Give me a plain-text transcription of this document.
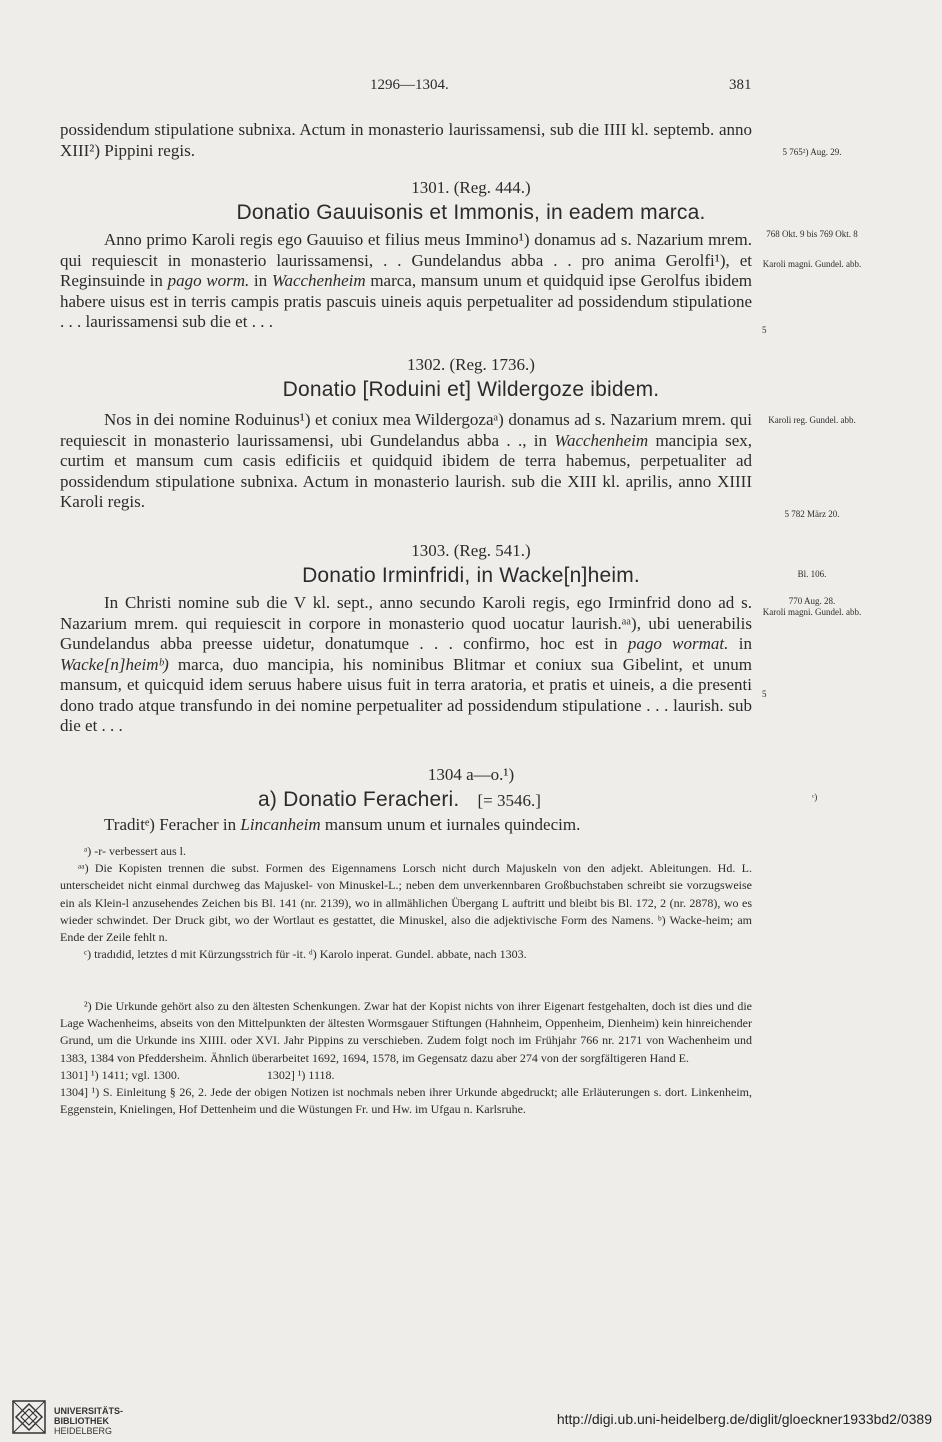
1296—1304.	381

possidendum stipulatione subnixa. Actum in monasterio laurissamensi, sub die IIII kl. septemb. anno XIII²) Pippini regis.	5 765²) Aug. 29.
1301. (Reg. 444.)
Donatio Gauuisonis et Immonis, in eadem marca.

Anno primo Karoli regis ego Gauuiso et filius meus Immino¹) donamus ad s. Nazarium mrem. qui requiescit in monasterio laurissamensi, . . Gundelandus abba . . pro anima Gerolfi¹), et Reginsuinde in pago worm. in Wacchenheim marca, mansum unum et quidquid ipse Gerolfus ibidem habere uisus est in terris campis pratis pascuis uineis aquis perpetualiter ad possidendum stipulatione . . . laurissamensi sub die et . . .

768 Okt. 9 bis 769 Okt. 8
Karoli magni. Gundel. abb.
5
1302. (Reg. 1736.)
Donatio [Roduini et] Wildergoze ibidem.

Nos in dei nomine Roduinus¹) et coniux mea Wildergozaᵃ) donamus ad s. Nazarium mrem. qui requiescit in monasterio laurissamensi, ubi Gundelandus abba . ., in Wacchenheim mancipia sex, curtim et mansum cum casis edificiis et quidquid ibidem de terra habemus, perpetualiter ad possidendum stipulatione subnixa. Actum in monasterio laurish. sub die XIII kl. aprilis, anno XIIII Karoli regis.

Karoli reg. Gundel. abb.
5 782 März 20.
1303. (Reg. 541.)
Donatio Irminfridi, in Wacke[n]heim.

In Christi nomine sub die V kl. sept., anno secundo Karoli regis, ego Irminfrid dono ad s. Nazarium mrem. qui requiescit in corpore in monasterio quod uocatur laurish.ᵃᵃ), ubi uenerabilis Gundelandus abba preesse uidetur, donatumque . . . confirmo, hoc est in pago wormat. in Wacke[n]heimᵇ) marca, duo mancipia, his nominibus Blitmar et coniux sua Gibelint, et unum mansum, et quicquid idem seruus habere uisus fuit in terra aratoria, et pratis et uineis, a die presenti dono trado atque transfundo in dei nomine perpetualiter ad possidendum stipulatione . . . laurish. sub die et . . .

Bl. 106.
770 Aug. 28.
Karoli magni. Gundel. abb.
5
1304 a—o.¹)
a) Donatio Feracheri. [= 3546.]

Traditᵉ) Feracher in Lincanheim mansum unum et iurnales quindecim.

ᶜ)

ᵃ) -r- verbessert aus l.

ᵃᵃ) Die Kopisten trennen die subst. Formen des Eigennamens Lorsch nicht durch Majuskeln von den adjekt. Ableitungen. Hd. L. unterscheidet nicht einmal durchweg das Majuskel- von Minuskel-L.; neben dem unverkennbaren Großbuchstaben schreibt sie vorzugsweise ein als Klein-l anzusehendes Zeichen bis Bl. 141 (nr. 2139), wo in allmählichen Übergang L auftritt und bleibt bis Bl. 172, 2 (nr. 2878), wo es wieder schwindet. Der Druck gibt, wo der Wortlaut es gestattet, die Minuskel, also die adjektivische Form des Namens. ᵇ) Wacke-heim; am Ende der Zeile fehlt n.

ᶜ) tradıdid, letztes d mit Kürzungsstrich für -it. ᵈ) Karolo inperat. Gundel. abbate, nach 1303.

²) Die Urkunde gehört also zu den ältesten Schenkungen. Zwar hat der Kopist nichts von ihrer Eigenart festgehalten, doch ist dies und die Lage Wachenheims, abseits von den Mittelpunkten der ältesten Wormsgauer Stiftungen (Hahnheim, Oppenheim, Dienheim) kein hinreichender Grund, um die Urkunde ins XIIII. oder XVI. Jahr Pippins zu verschieben. Zudem folgt noch im Frühjahr 766 nr. 2171 von Wachenheim und 1383, 1384 von Pfeddersheim. Ähnlich überarbeitet 1692, 1694, 1578, im Gegensatz dazu aber 274 von der sorgfältigeren Hand E.

1301] ¹) 1411; vgl. 1300.	1302] ¹) 1118.

1304] ¹) S. Einleitung § 26, 2. Jede der obigen Notizen ist nochmals neben ihrer Urkunde abgedruckt; alle Erläuterungen s. dort. Linkenheim, Eggenstein, Knielingen, Hof Dettenheim und die Wüstungen Fr. und Hw. im Ufgau n. Karlsruhe.

UNIVERSITÄTS-
BIBLIOTHEK
HEIDELBERG
http://digi.ub.uni-heidelberg.de/diglit/gloeckner1933bd2/0389
